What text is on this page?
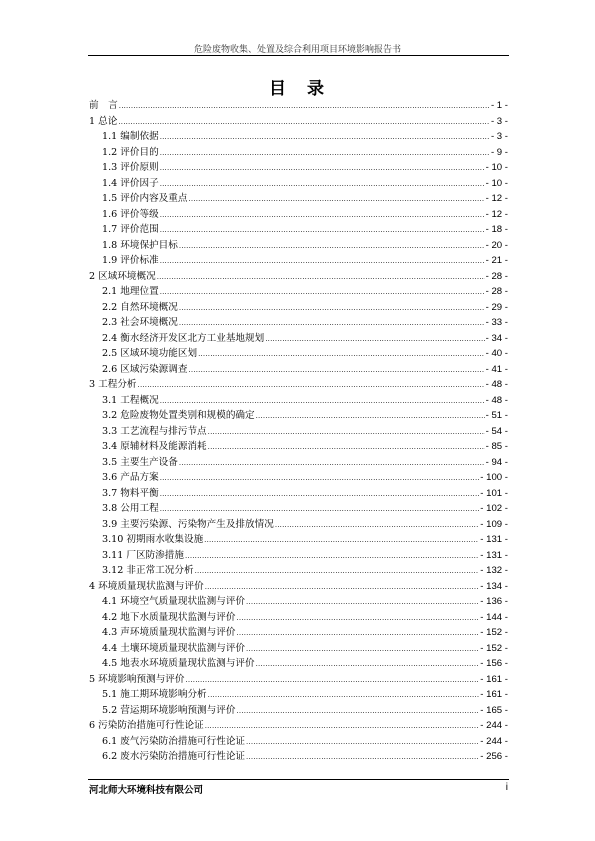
危险废物收集、处置及综合利用项目环境影响报告书
目　录
前　言 .....	- 1 -
1 总论 .....	- 3 -
1.1 编制依据 .....	- 3 -
1.2 评价目的 .....	- 9 -
1.3 评价原则 .....	- 10 -
1.4 评价因子 .....	- 10 -
1.5 评价内容及重点 .....	- 12 -
1.6 评价等级 .....	- 12 -
1.7 评价范围 .....	- 18 -
1.8 环境保护目标 .....	- 20 -
1.9 评价标准 .....	- 21 -
2 区域环境概况 .....	- 28 -
2.1 地理位置 .....	- 28 -
2.2 自然环境概况 .....	- 29 -
2.3 社会环境概况 .....	- 33 -
2.4 衡水经济开发区北方工业基地规划 .....	- 34 -
2.5 区域环境功能区划 .....	- 40 -
2.6 区域污染源调查 .....	- 41 -
3 工程分析 .....	- 48 -
3.1 工程概况 .....	- 48 -
3.2 危险废物处置类别和规模的确定 .....	- 51 -
3.3 工艺流程与排污节点 .....	- 54 -
3.4 原辅材料及能源消耗 .....	- 85 -
3.5 主要生产设备 .....	- 94 -
3.6 产品方案 .....	- 100 -
3.7 物料平衡 .....	- 101 -
3.8 公用工程 .....	- 102 -
3.9 主要污染源、污染物产生及排放情况 .....	- 109 -
3.10 初期雨水收集设施 .....	- 131 -
3.11 厂区防渗措施 .....	- 131 -
3.12 非正常工况分析 .....	- 132 -
4 环境质量现状监测与评价 .....	- 134 -
4.1 环境空气质量现状监测与评价 .....	- 136 -
4.2 地下水质量现状监测与评价 .....	- 144 -
4.3 声环境质量现状监测与评价 .....	- 152 -
4.4 土壤环境质量现状监测与评价 .....	- 152 -
4.5 地表水环境质量现状监测与评价 .....	- 156 -
5 环境影响预测与评价 .....	- 161 -
5.1 施工期环境影响分析 .....	- 161 -
5.2 营运期环境影响预测与评价 .....	- 165 -
6 污染防治措施可行性论证 .....	- 244 -
6.1 废气污染防治措施可行性论证 .....	- 244 -
6.2 废水污染防治措施可行性论证 .....	- 256 -
河北师大环境科技有限公司	i
